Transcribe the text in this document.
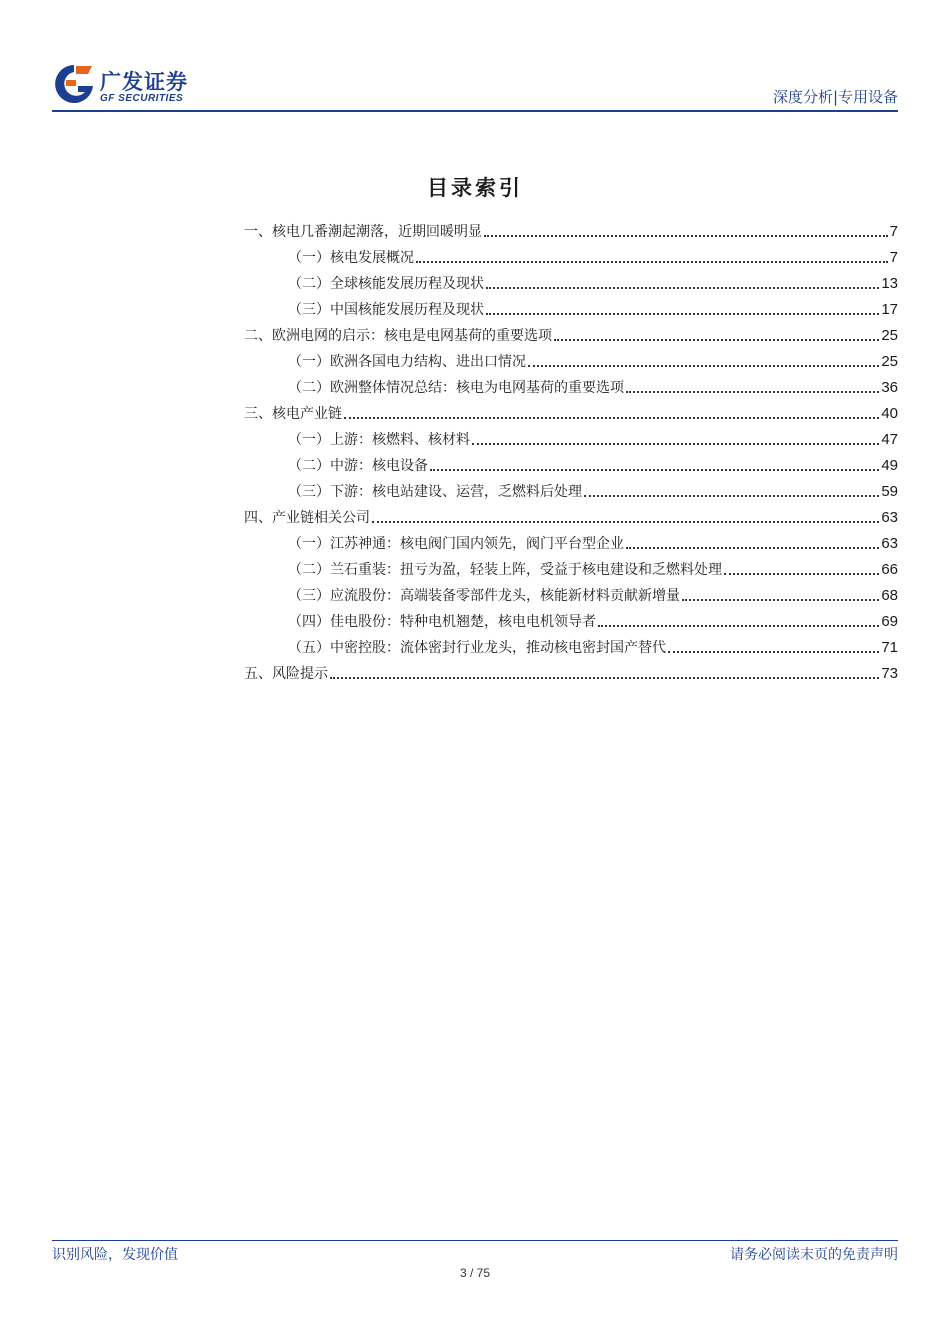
广发证券
GF SECURITIES	深度分析|专用设备
目录索引
一、核电几番潮起潮落，近期回暖明显	7
（一）核电发展概况	7
（二）全球核能发展历程及现状	13
（三）中国核能发展历程及现状	17
二、欧洲电网的启示：核电是电网基荷的重要选项	25
（一）欧洲各国电力结构、进出口情况	25
（二）欧洲整体情况总结：核电为电网基荷的重要选项	36
三、核电产业链	40
（一）上游：核燃料、核材料	47
（二）中游：核电设备	49
（三）下游：核电站建设、运营，乏燃料后处理	59
四、产业链相关公司	63
（一）江苏神通：核电阀门国内领先，阀门平台型企业	63
（二）兰石重装：扭亏为盈，轻装上阵，受益于核电建设和乏燃料处理	66
（三）应流股份：高端装备零部件龙头，核能新材料贡献新增量	68
（四）佳电股份：特种电机翘楚，核电电机领导者	69
（五）中密控股：流体密封行业龙头，推动核电密封国产替代	71
五、风险提示	73
识别风险，发现价值	请务必阅读末页的免责声明
3 / 75
